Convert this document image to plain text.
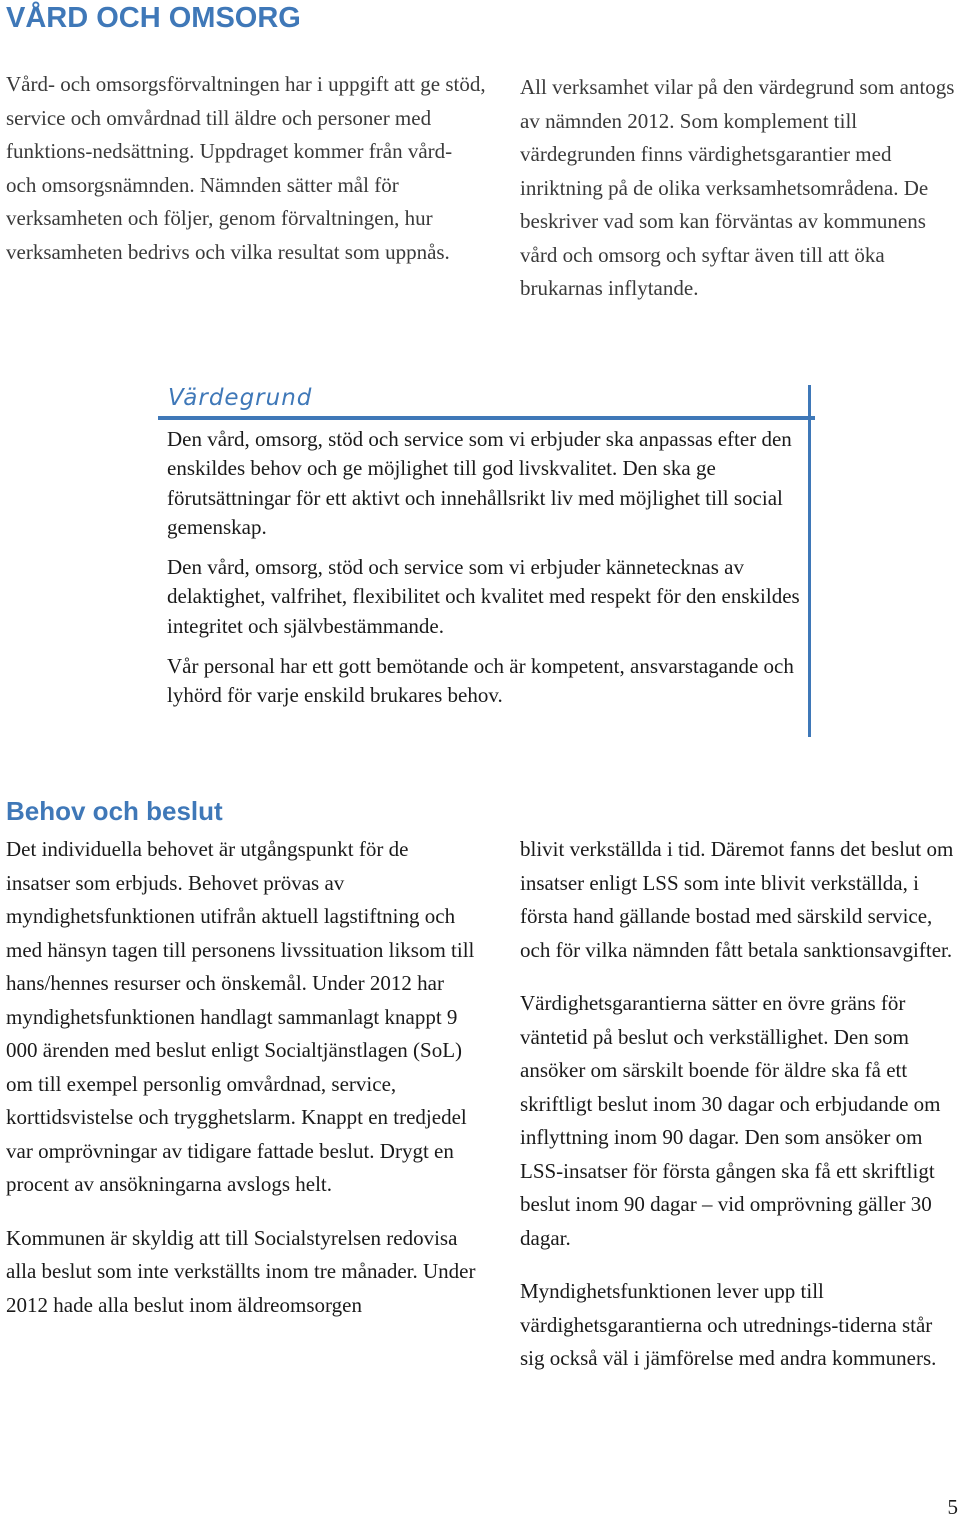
VÅRD OCH OMSORG

Vård- och omsorgsförvaltningen har i uppgift att ge stöd, service och omvårdnad till äldre och personer med funktions-nedsättning. Uppdraget kommer från vård- och omsorgsnämnden. Nämnden sätter mål för verksamheten och följer, genom förvaltningen, hur verksamheten bedrivs och vilka resultat som uppnås.

All verksamhet vilar på den värdegrund som antogs av nämnden 2012. Som komplement till värdegrunden finns värdighetsgarantier med inriktning på de olika verksamhetsområdena. De beskriver vad som kan förväntas av kommunens vård och omsorg och syftar även till att öka brukarnas inflytande.

Värdegrund

Den vård, omsorg, stöd och service som vi erbjuder ska anpassas efter den enskildes behov och ge möjlighet till god livskvalitet. Den ska ge förutsättningar för ett aktivt och innehållsrikt liv med möjlighet till social gemenskap.

Den vård, omsorg, stöd och service som vi erbjuder kännetecknas av delaktighet, valfrihet, flexibilitet och kvalitet med respekt för den enskildes integritet och självbestämmande.

Vår personal har ett gott bemötande och är kompetent, ansvarstagande och lyhörd för varje enskild brukares behov.

Behov och beslut

Det individuella behovet är utgångspunkt för de insatser som erbjuds. Behovet prövas av myndighetsfunktionen utifrån aktuell lagstiftning och med hänsyn tagen till personens livssituation liksom till hans/hennes resurser och önskemål. Under 2012 har myndighetsfunktionen handlagt sammanlagt knappt 9 000 ärenden med beslut enligt Socialtjänstlagen (SoL) om till exempel personlig omvårdnad, service, korttidsvistelse och trygghetslarm. Knappt en tredjedel var omprövningar av tidigare fattade beslut. Drygt en procent av ansökningarna avslogs helt.

Kommunen är skyldig att till Socialstyrelsen redovisa alla beslut som inte verkställts inom tre månader. Under 2012 hade alla beslut inom äldreomsorgen

blivit verkställda i tid. Däremot fanns det beslut om insatser enligt LSS som inte blivit verkställda, i första hand gällande bostad med särskild service, och för vilka nämnden fått betala sanktionsavgifter.

Värdighetsgarantierna sätter en övre gräns för väntetid på beslut och verkställighet. Den som ansöker om särskilt boende för äldre ska få ett skriftligt beslut inom 30 dagar och erbjudande om inflyttning inom 90 dagar. Den som ansöker om LSS-insatser för första gången ska få ett skriftligt beslut inom 90 dagar – vid omprövning gäller 30 dagar.

Myndighetsfunktionen lever upp till värdighetsgarantierna och utrednings-tiderna står sig också väl i jämförelse med andra kommuners.

5
